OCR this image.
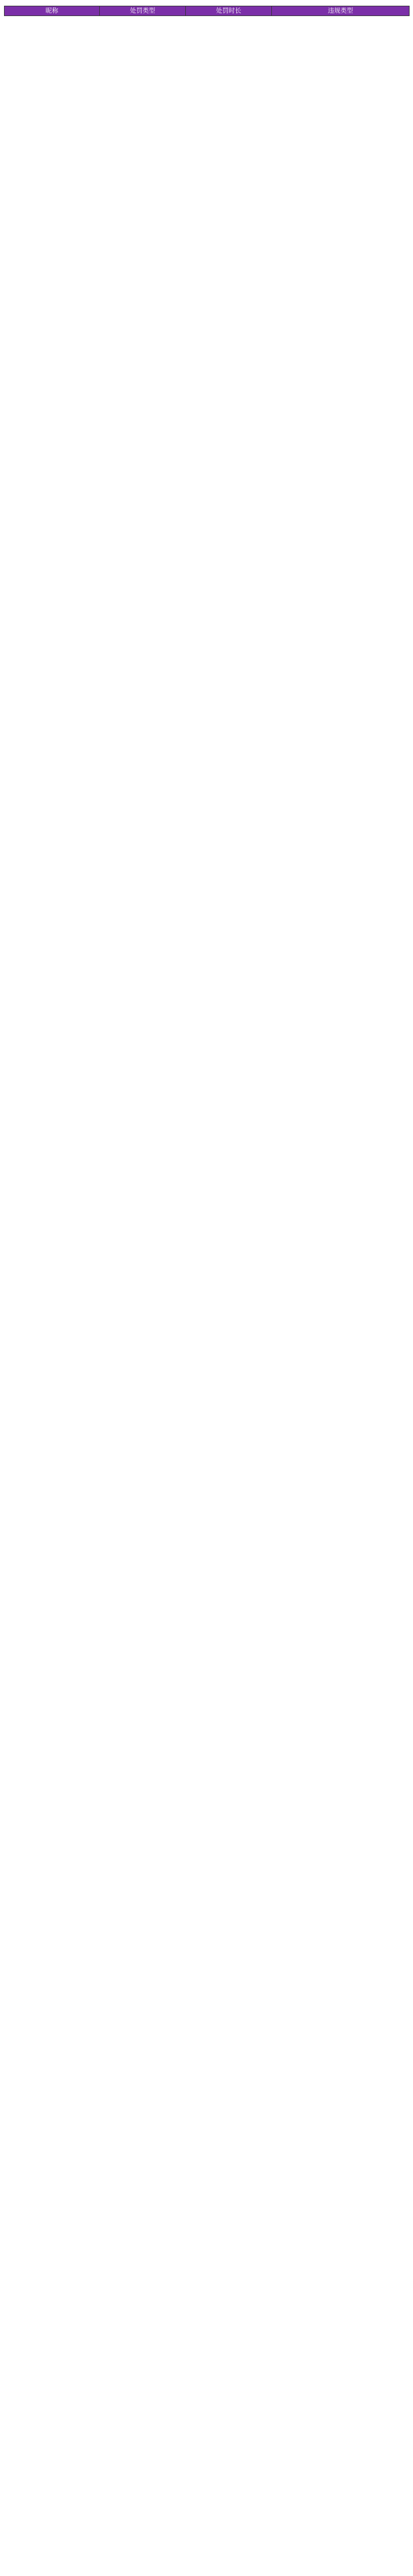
昵称	处罚类型	处罚时长	违规类型
